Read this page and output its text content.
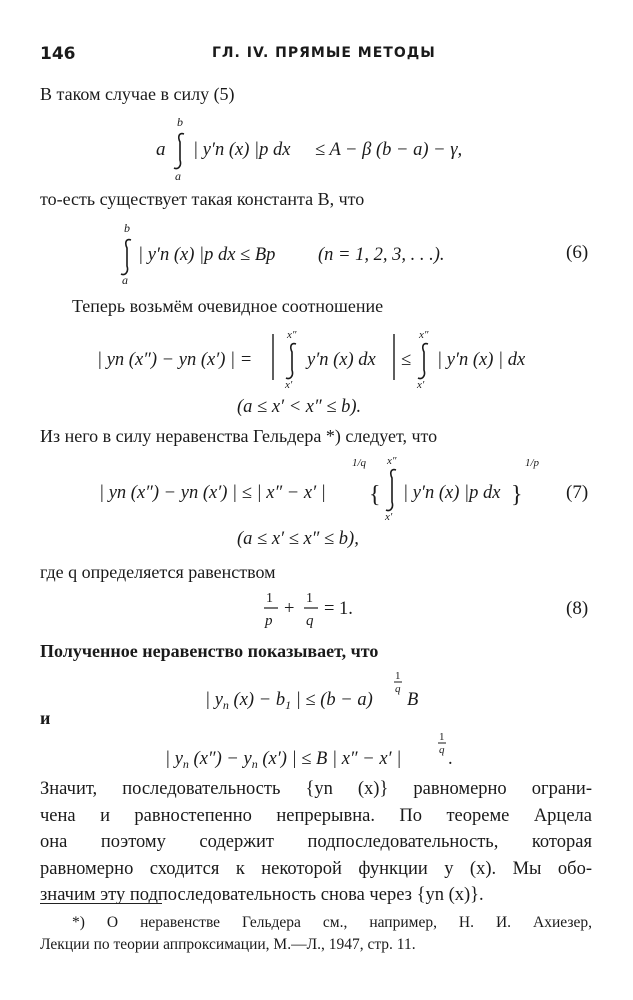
146	ГЛ. IV. ПРЯМЫЕ МЕТОДЫ
В таком случае в силу (5)
a
b
a
| y′n (x) |p dx ≤ A − β (b − a) − γ,
то-есть существует такая константа B, что
b
a
| y′n (x) |p dx ≤ Bp (n = 1, 2, 3, . . .).	(6)
Теперь возьмём очевидное соотношение
| yn (x″) − yn (x′) | =
x″
x′
y′n (x) dx ≤
x″
x′
| y′n (x) | dx
(a ≤ x′ < x″ ≤ b).
Из него в силу неравенства Гельдера *) следует, что
| yn (x″) − yn (x′) | ≤ | x″ − x′ |
1/q
{
x″
x′
| y′n (x) |p dx }
1/p
(a ≤ x′ ≤ x″ ≤ b),
(7)
где q определяется равенством
1
p
+
1
q
= 1.	(8)
Полученное неравенство показывает, что
| $y_n$ $(x) - b_1$ | ≤ (b − a)
1
q
B
и
| $y_n$ $(x'') - y_n$ (x′) | ≤ B | x″ − x′ |
1
q .
Значит, последовательность {yn (x)} равномерно ограни-
чена и равностепенно непрерывна. По теореме Арцела
она поэтому содержит подпоследовательность, которая
равномерно сходится к некоторой функции y (x). Мы обо-
значим эту подпоследовательность снова через {yn (x)}.
*) О неравенстве Гельдера см., например, Н. И. Ахиезер,
Лекции по теории аппроксимации, М.—Л., 1947, стр. 11.
